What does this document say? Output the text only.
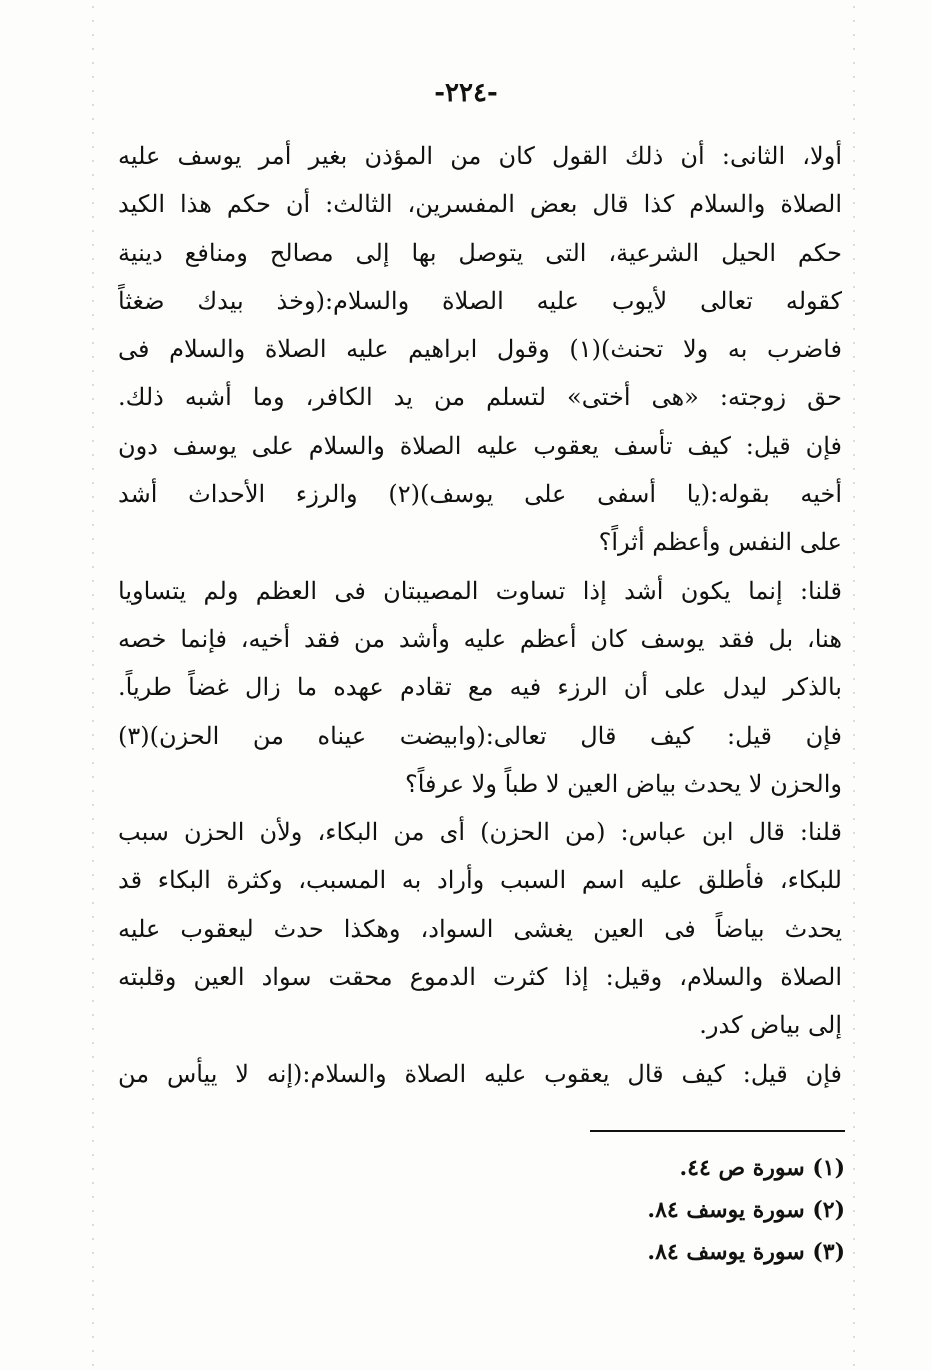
-٢٢٤-
أولا، الثانى: أن ذلك القول كان من المؤذن بغير أمر يوسف عليه
الصلاة والسلام كذا قال بعض المفسرين، الثالث: أن حكم هذا الكيد
حكم الحيل الشرعية، التى يتوصل بها إلى مصالح ومنافع دينية
كقوله تعالى لأيوب عليه الصلاة والسلام:(وخذ بيدك ضغثاً
فاضرب به ولا تحنث)(١) وقول ابراهيم عليه الصلاة والسلام فى
حق زوجته: «هى أختى» لتسلم من يد الكافر، وما أشبه ذلك.
فإن قيل: كيف تأسف يعقوب عليه الصلاة والسلام على يوسف دون
أخيه بقوله:(يا أسفى على يوسف)(٢) والرزء الأحداث أشد
على النفس وأعظم أثراً؟
قلنا: إنما يكون أشد إذا تساوت المصيبتان فى العظم ولم يتساويا
هنا، بل فقد يوسف كان أعظم عليه وأشد من فقد أخيه، فإنما خصه
بالذكر ليدل على أن الرزء فيه مع تقادم عهده ما زال غضاً طرياً.
فإن قيل: كيف قال تعالى:(وابيضت عيناه من الحزن)(٣)
والحزن لا يحدث بياض العين لا طباً ولا عرفاً؟
قلنا: قال ابن عباس: (من الحزن) أى من البكاء، ولأن الحزن سبب
للبكاء، فأطلق عليه اسم السبب وأراد به المسبب، وكثرة البكاء قد
يحدث بياضاً فى العين يغشى السواد، وهكذا حدث ليعقوب عليه
الصلاة والسلام، وقيل: إذا كثرت الدموع محقت سواد العين وقلبته
إلى بياض كدر.
فإن قيل: كيف قال يعقوب عليه الصلاة والسلام:(إنه لا ييأس من
(١) سورة ص ٤٤.
(٢) سورة يوسف ٨٤.
(٣) سورة يوسف ٨٤.
